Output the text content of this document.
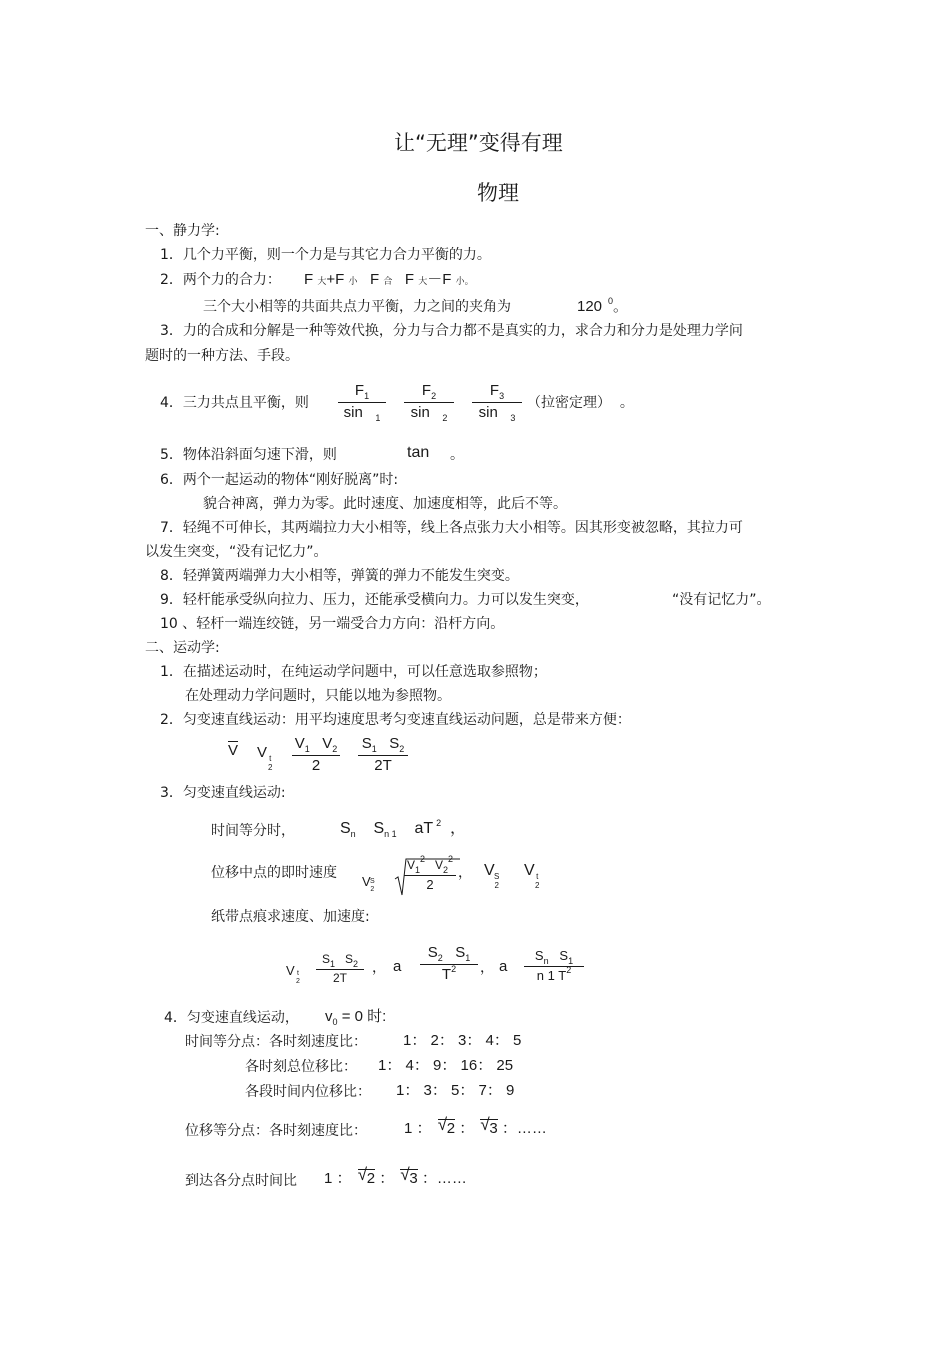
让“无理”变得有理
物理
一、静力学:
1．几个力平衡，则一个力是与其它力合力平衡的力。
2．两个力的合力： F 大+F 小 F 合 F 大－F 小。
三个大小相等的共面共点力平衡，力之间的夹角为	120 $^0$。
3．力的合成和分解是一种等效代换，分力与合力都不是真实的力，求合力和分力是处理力学问
题时的一种方法、手段。
4．三力共点且平衡，则
$F_1$
sin $_1$
$F_2$
sin $_2$
$F_3$
sin $_3$
（拉密定理） 。
5．物体沿斜面匀速下滑，则	tan 。
6．两个一起运动的物体“刚好脱离”时:
貌合神离，弹力为零。此时速度、加速度相等，此后不等。
7．轻绳不可伸长，其两端拉力大小相等，线上各点张力大小相等。因其形变被忽略，其拉力可
以发生突变，“没有记忆力”。
8．轻弹簧两端弹力大小相等，弹簧的弹力不能发生突变。
9．轻杆能承受纵向拉力、压力，还能承受横向力。力可以发生突变，	“没有记忆力”。
10 、轻杆一端连绞链，另一端受合力方向：沿杆方向。
二、运动学:
1．在描述运动时，在纯运动学问题中，可以任意选取参照物；
在处理动力学问题时，只能以地为参照物。
2．匀变速直线运动：用平均速度思考匀变速直线运动问题，总是带来方便：
$\overline{V}$ V t
2
$V_1$ $V_2$
2
$S_1$ $S_2$
2T
3．匀变速直线运动:
时间等分时，	$S_n$ $S_{n 1}$ aT $^2$ ，
位移中点的即时速度
V S
2
$V_1^2$ $V_2^2$
2
， V S
2
V t
2
纸带点痕求速度、加速度:
V t
2
$S_1$ $S_2$
2T
， a
$S_2$ $S_1$
$T^2$	， a
$S_n$ $S_1$
n 1 $T^2$
4．匀变速直线运动， $v_0 = 0$ 时:
时间等分点：各时刻速度比： 1： 2： 3： 4： 5
各时刻总位移比： 1： 4： 9： 16： 25
各段时间内位移比： 1： 3： 5： 7： 9
位移等分点：各时刻速度比： 1 ： √ 2 ： √ 3 ：……
到达各分点时间比 1 ： √ 2 ： √ 3 ：……
